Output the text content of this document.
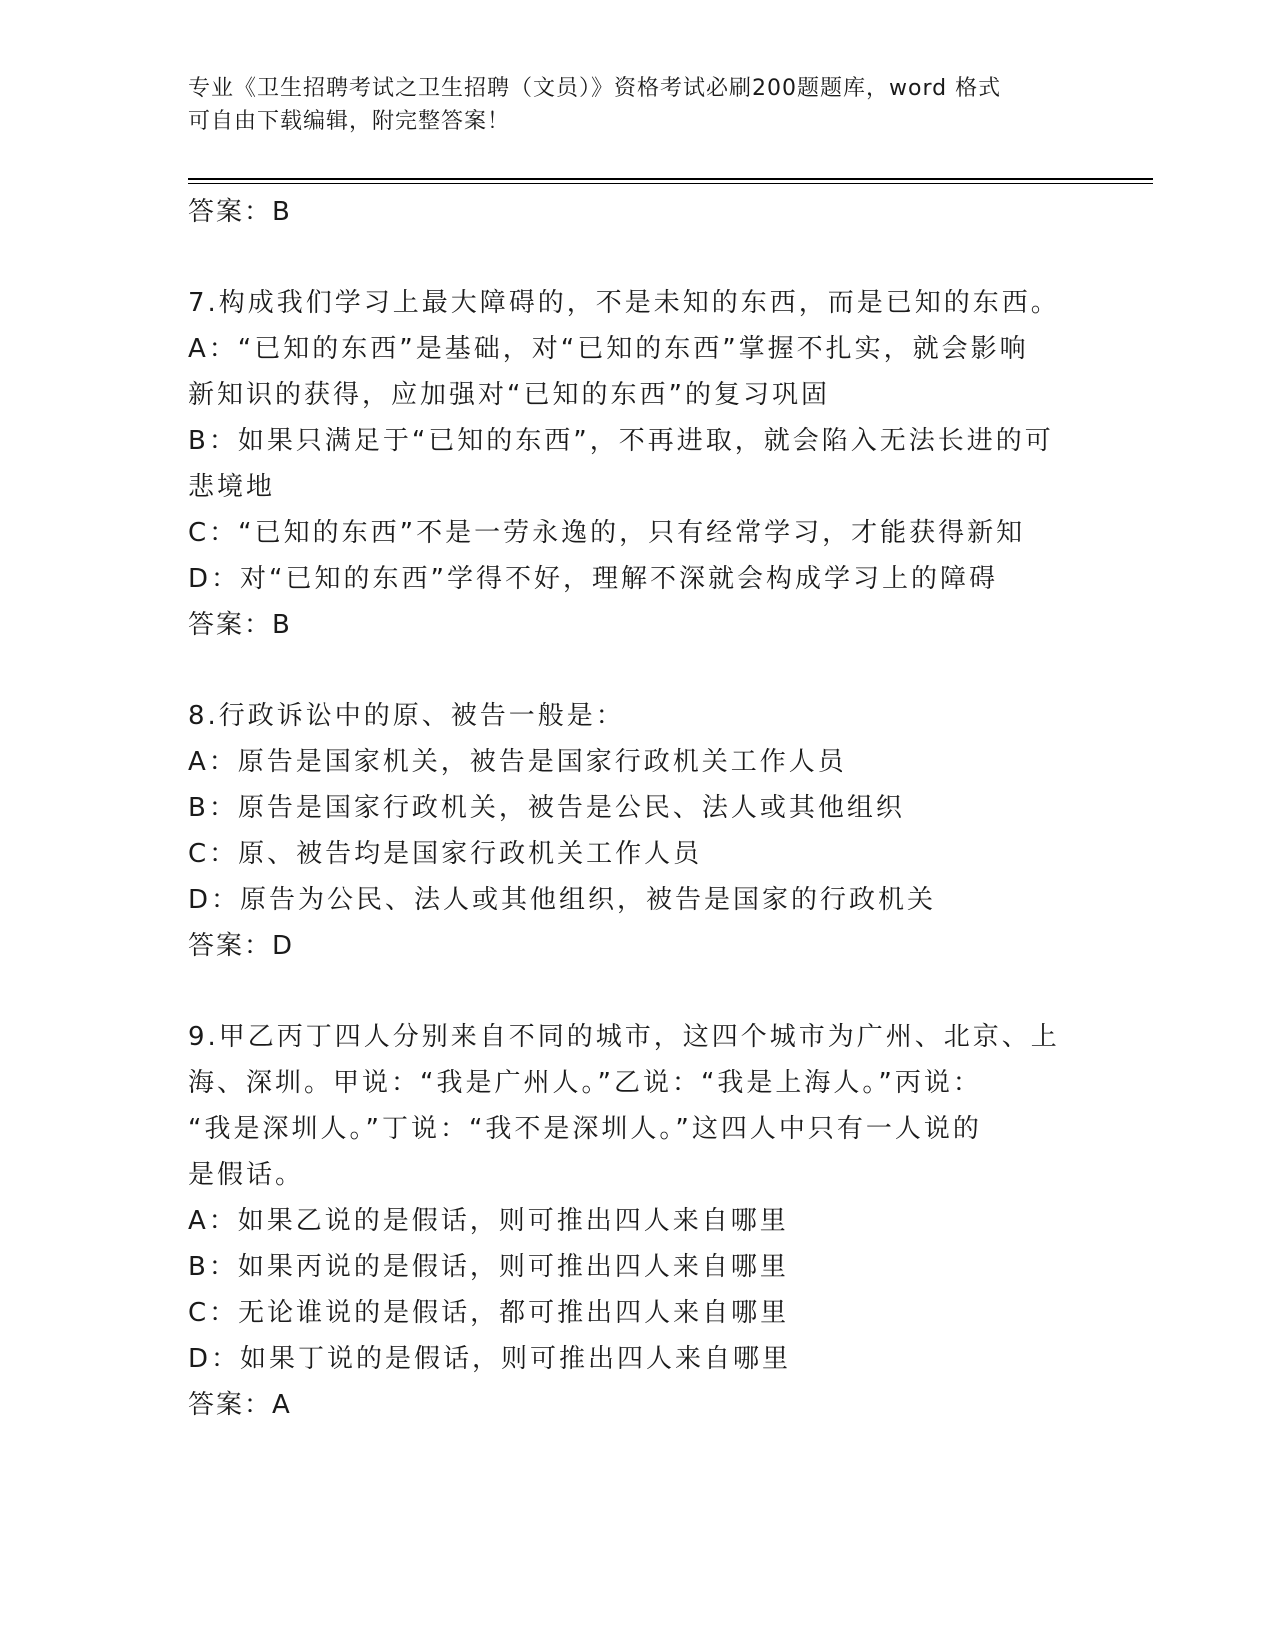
专业《卫生招聘考试之卫生招聘（文员）》资格考试必刷200题题库，word 格式
可自由下载编辑，附完整答案！
答案：B
7.构成我们学习上最大障碍的，不是未知的东西，而是已知的东西。
A：“已知的东西”是基础，对“已知的东西”掌握不扎实，就会影响
新知识的获得，应加强对“已知的东西”的复习巩固
B：如果只满足于“已知的东西”，不再进取，就会陷入无法长进的可
悲境地
C：“已知的东西”不是一劳永逸的，只有经常学习，才能获得新知
D：对“已知的东西”学得不好，理解不深就会构成学习上的障碍
答案：B
8.行政诉讼中的原、被告一般是：
A：原告是国家机关，被告是国家行政机关工作人员
B：原告是国家行政机关，被告是公民、法人或其他组织
C：原、被告均是国家行政机关工作人员
D：原告为公民、法人或其他组织，被告是国家的行政机关
答案：D
9.甲乙丙丁四人分别来自不同的城市，这四个城市为广州、北京、上
海、深圳。甲说：“我是广州人。”乙说：“我是上海人。”丙说：
“我是深圳人。”丁说：“我不是深圳人。”这四人中只有一人说的
是假话。
A：如果乙说的是假话，则可推出四人来自哪里
B：如果丙说的是假话，则可推出四人来自哪里
C：无论谁说的是假话，都可推出四人来自哪里
D：如果丁说的是假话，则可推出四人来自哪里
答案：A
